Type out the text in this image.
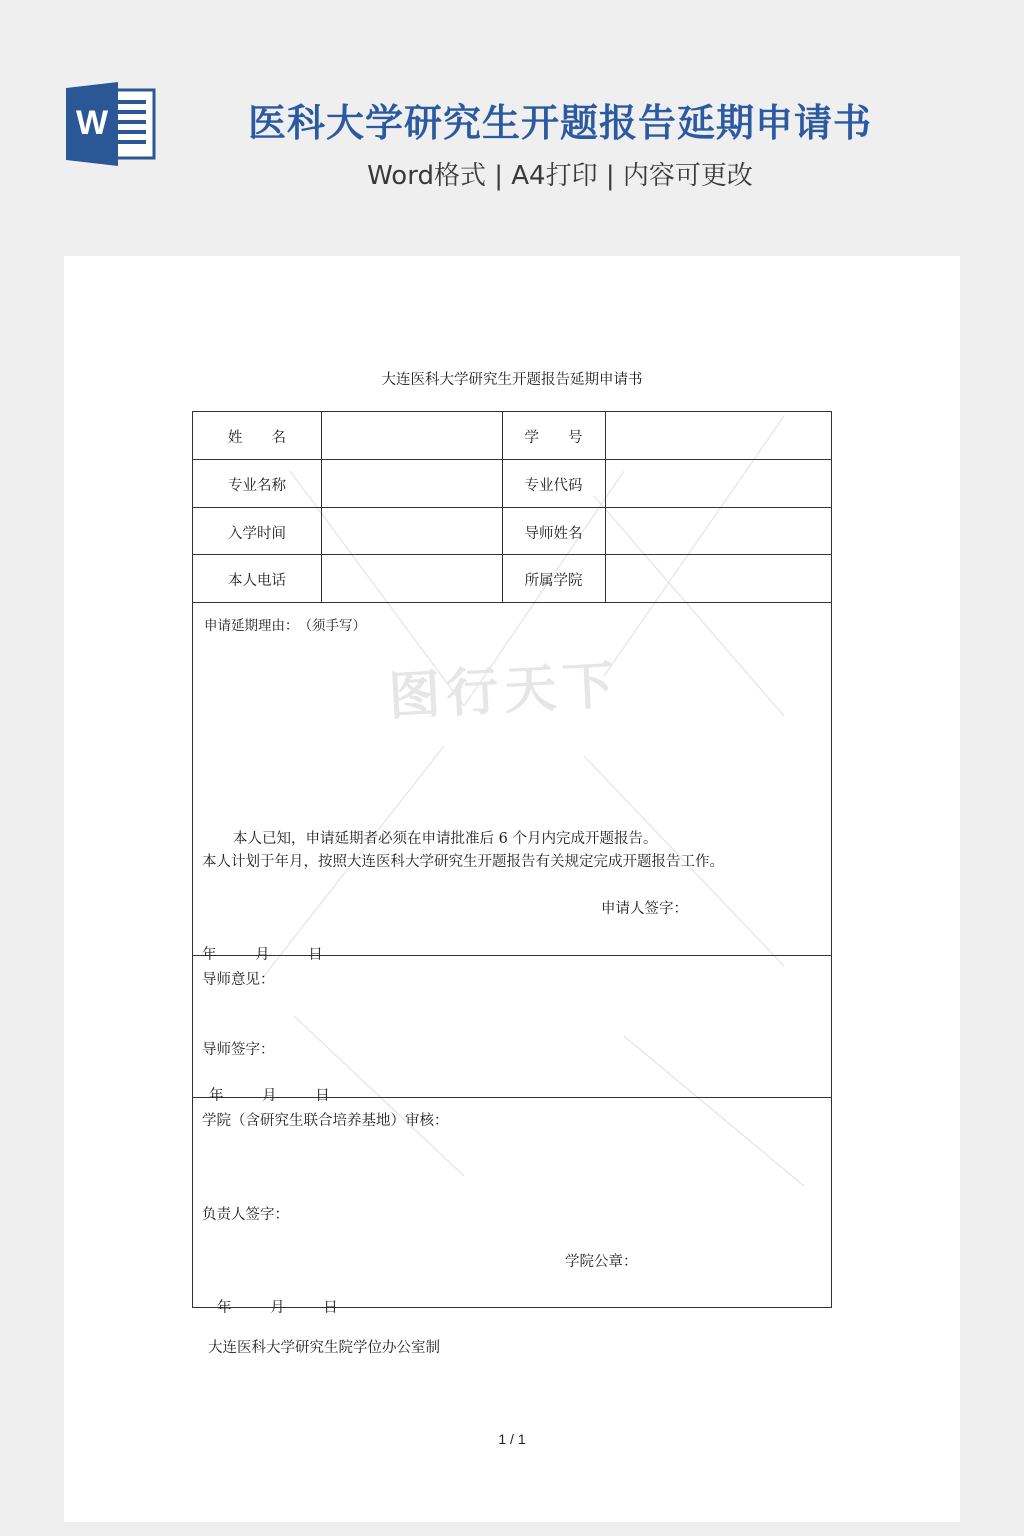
W	医科大学研究生开题报告延期申请书
Word格式 | A4打印 | 内容可更改
图行天下
大连医科大学研究生开题报告延期申请书
姓　　名	学　　号
专业名称	专业代码
入学时间	导师姓名
本人电话	所属学院
申请延期理由：　（须手写）
本人已知，申请延期者必须在申请批准后 6 个月内完成开题报告。
本人计划于年月，按照大连医科大学研究生开题报告有关规定完成开题报告工作。
申请人签字：
年	月	日
导师意见：
导师签字：
年	月	日
学院（含研究生联合培养基地）审核：
负责人签字：
学院公章：
年	月	日
大连医科大学研究生院学位办公室制
1 / 1
